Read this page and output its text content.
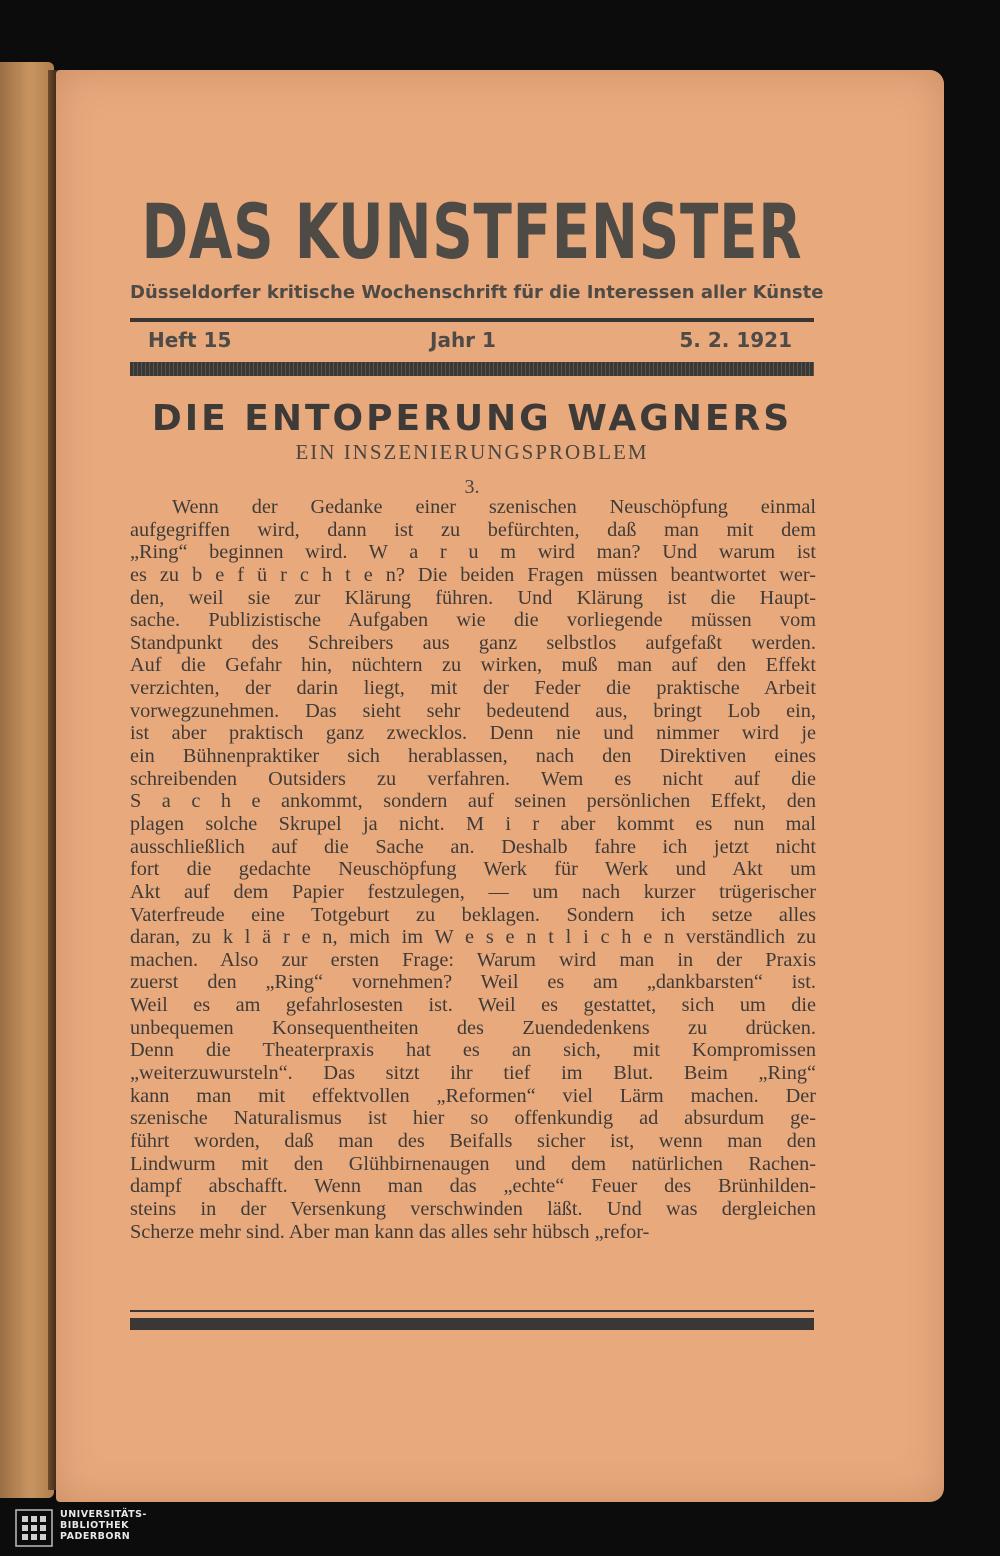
DAS KUNSTFENSTER
Düsseldorfer kritische Wochenschrift für die Interessen aller Künste
Heft 15	Jahr 1	5. 2. 1921
DIE ENTOPERUNG WAGNERS
EIN INSZENIERUNGSPROBLEM
3.
Wenn der Gedanke einer szenischen Neuschöpfung einmal
aufgegriffen wird, dann ist zu befürchten, daß man mit dem
„Ring“ beginnen wird. W a r u m wird man? Und warum ist
es zu b e f ü r c h t e n? Die beiden Fragen müssen beantwortet wer-
den, weil sie zur Klärung führen. Und Klärung ist die Haupt-
sache. Publizistische Aufgaben wie die vorliegende müssen vom
Standpunkt des Schreibers aus ganz selbstlos aufgefaßt werden.
Auf die Gefahr hin, nüchtern zu wirken, muß man auf den Effekt
verzichten, der darin liegt, mit der Feder die praktische Arbeit
vorwegzunehmen. Das sieht sehr bedeutend aus, bringt Lob ein,
ist aber praktisch ganz zwecklos. Denn nie und nimmer wird je
ein Bühnenpraktiker sich herablassen, nach den Direktiven eines
schreibenden Outsiders zu verfahren. Wem es nicht auf die
S a c h e ankommt, sondern auf seinen persönlichen Effekt, den
plagen solche Skrupel ja nicht. M i r aber kommt es nun mal
ausschließlich auf die Sache an. Deshalb fahre ich jetzt nicht
fort die gedachte Neuschöpfung Werk für Werk und Akt um
Akt auf dem Papier festzulegen, — um nach kurzer trügerischer
Vaterfreude eine Totgeburt zu beklagen. Sondern ich setze alles
daran, zu k l ä r e n, mich im W e s e n t l i c h e n verständlich zu
machen. Also zur ersten Frage: Warum wird man in der Praxis
zuerst den „Ring“ vornehmen? Weil es am „dankbarsten“ ist.
Weil es am gefahrlosesten ist. Weil es gestattet, sich um die
unbequemen Konsequentheiten des Zuendedenkens zu drücken.
Denn die Theaterpraxis hat es an sich, mit Kompromissen
„weiterzuwursteln“. Das sitzt ihr tief im Blut. Beim „Ring“
kann man mit effektvollen „Reformen“ viel Lärm machen. Der
szenische Naturalismus ist hier so offenkundig ad absurdum ge-
führt worden, daß man des Beifalls sicher ist, wenn man den
Lindwurm mit den Glühbirnenaugen und dem natürlichen Rachen-
dampf abschafft. Wenn man das „echte“ Feuer des Brünhilden-
steins in der Versenkung verschwinden läßt. Und was dergleichen
Scherze mehr sind. Aber man kann das alles sehr hübsch „refor-
UNIVERSITÄTS-
BIBLIOTHEK
PADERBORN
